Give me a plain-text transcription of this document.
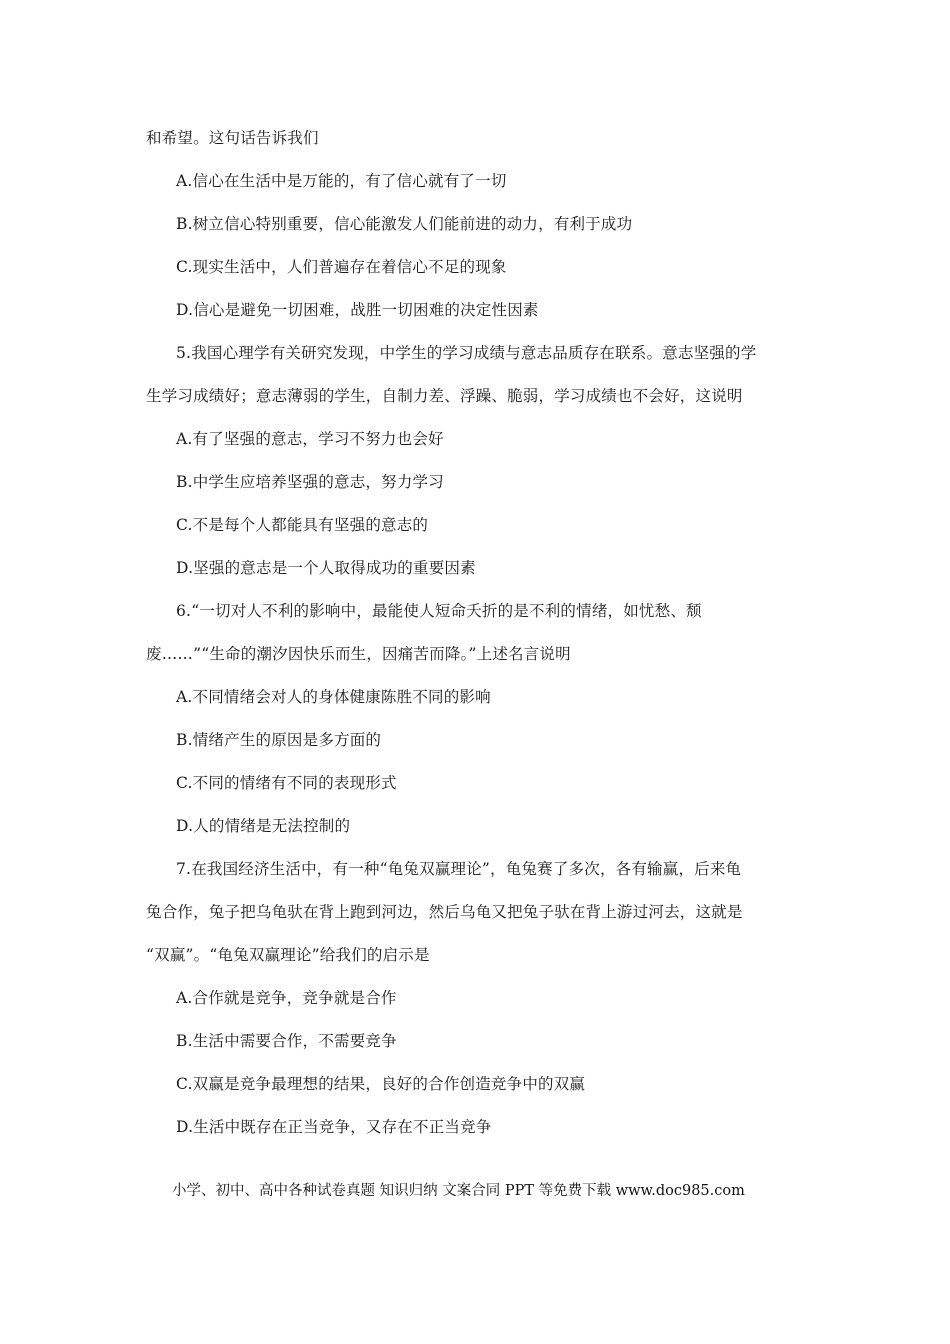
和希望。这句话告诉我们
A.信心在生活中是万能的，有了信心就有了一切
B.树立信心特别重要，信心能激发人们能前进的动力，有利于成功
C.现实生活中，人们普遍存在着信心不足的现象
D.信心是避免一切困难，战胜一切困难的决定性因素
5.我国心理学有关研究发现，中学生的学习成绩与意志品质存在联系。意志坚强的学
生学习成绩好；意志薄弱的学生，自制力差、浮躁、脆弱，学习成绩也不会好，这说明
A.有了坚强的意志，学习不努力也会好
B.中学生应培养坚强的意志，努力学习
C.不是每个人都能具有坚强的意志的
D.坚强的意志是一个人取得成功的重要因素
6.“一切对人不利的影响中，最能使人短命夭折的是不利的情绪，如忧愁、颓
废……”“生命的潮汐因快乐而生，因痛苦而降。”上述名言说明
A.不同情绪会对人的身体健康陈胜不同的影响
B.情绪产生的原因是多方面的
C.不同的情绪有不同的表现形式
D.人的情绪是无法控制的
7.在我国经济生活中，有一种“龟兔双赢理论”，龟兔赛了多次，各有输赢，后来龟
兔合作，兔子把乌龟驮在背上跑到河边，然后乌龟又把兔子驮在背上游过河去，这就是
“双赢”。“龟兔双赢理论”给我们的启示是
A.合作就是竞争，竞争就是合作
B.生活中需要合作，不需要竞争
C.双赢是竞争最理想的结果，良好的合作创造竞争中的双赢
D.生活中既存在正当竞争，又存在不正当竞争
小学、初中、高中各种试卷真题 知识归纳 文案合同 PPT 等免费下载 www.doc985.com
